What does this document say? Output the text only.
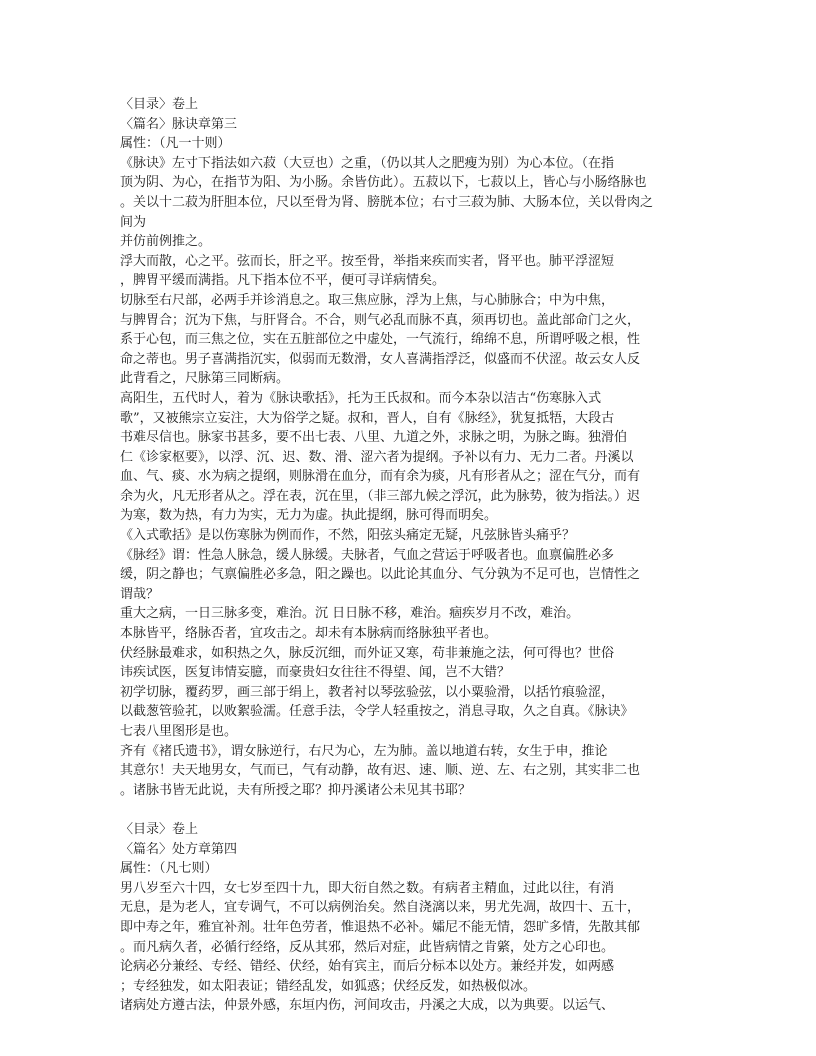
〈目录〉卷上
〈篇名〉脉诀章第三
属性：（凡一十则）
《脉诀》左寸下指法如六菽（大豆也）之重，（仍以其人之肥瘦为别）为心本位。（在指
顶为阴、为心，在指节为阳、为小肠。余皆仿此）。五菽以下，七菽以上，皆心与小肠络脉也
。关以十二菽为肝胆本位，尺以至骨为肾、膀胱本位；右寸三菽为肺、大肠本位，关以骨肉之
间为
并仿前例推之。
浮大而散，心之平。弦而长，肝之平。按至骨，举指来疾而实者，肾平也。肺平浮涩短
，脾胃平缓而满指。凡下指本位不平，便可寻详病情矣。
切脉至右尺部，必两手并诊消息之。取三焦应脉，浮为上焦，与心肺脉合；中为中焦，
与脾胃合；沉为下焦，与肝肾合。不合，则气必乱而脉不真，须再切也。盖此部命门之火，
系于心包，而三焦之位，实在五脏部位之中虚处，一气流行，绵绵不息，所谓呼吸之根，性
命之蒂也。男子喜满指沉实，似弱而无数滑，女人喜满指浮泛，似盛而不伏涩。故云女人反
此背看之，尺脉第三同断病。
高阳生，五代时人，着为《脉诀歌括》，托为王氏叔和。而今本杂以洁古“伤寒脉入式
歌”，又被熊宗立妄注，大为俗学之疑。叔和，晋人，自有《脉经》，犹复抵牾，大段古
书难尽信也。脉家书甚多，要不出七表、八里、九道之外，求脉之明，为脉之晦。独滑伯
仁《诊家枢要》，以浮、沉、迟、数、滑、涩六者为提纲。予补以有力、无力二者。丹溪以
血、气、痰、水为病之提纲，则脉滑在血分，而有余为痰，凡有形者从之；涩在气分，而有
余为火，凡无形者从之。浮在表，沉在里，（非三部九候之浮沉，此为脉势，彼为指法。）迟
为寒，数为热，有力为实，无力为虚。执此提纲，脉可得而明矣。
《入式歌括》是以伤寒脉为例而作，不然，阳弦头痛定无疑，凡弦脉皆头痛乎？
《脉经》谓：性急人脉急，缓人脉缓。夫脉者，气血之营运于呼吸者也。血禀偏胜必多
缓，阴之静也；气禀偏胜必多急，阳之躁也。以此论其血分、气分孰为不足可也，岂情性之
谓哉？
重大之病，一日三脉多变，难治。沉 日日脉不移，难治。痼疾岁月不改，难治。
本脉皆平，络脉否者，宜攻击之。却未有本脉病而络脉独平者也。
伏经脉最难求，如积热之久，脉反沉细，而外证又寒，苟非兼施之法，何可得也？世俗
讳疾试医，医复讳情妄臆，而豪贵妇女往往不得望、闻，岂不大错？
初学切脉，覆药罗，画三部于绢上，教者衬以琴弦验弦，以小粟验滑，以括竹痕验涩，
以截葱管验芤，以败絮验濡。任意手法，令学人轻重按之，消息寻取，久之自真。《脉诀》
七表八里图形是也。
齐有《褚氏遗书》，谓女脉逆行，右尺为心，左为肺。盖以地道右转，女生于申，推论
其意尔！夫天地男女，气而已，气有动静，故有迟、速、顺、逆、左、右之别，其实非二也
。诸脉书皆无此说，夫有所授之耶？抑丹溪诸公未见其书耶？
〈目录〉卷上
〈篇名〉处方章第四
属性：（凡七则）
男八岁至六十四，女七岁至四十九，即大衍自然之数。有病者主精血，过此以往，有消
无息，是为老人，宜专调气，不可以病例治矣。然自浇漓以来，男尤先凋，故四十、五十，
即中寿之年，雅宜补剂。壮年色劳者，惟退热不必补。孀尼不能无情，怨旷多情，先散其郁
。而凡病久者，必循行经络，反从其邪，然后对症，此皆病情之肯綮，处方之心印也。
论病必分兼经、专经、错经、伏经，始有宾主，而后分标本以处方。兼经并发，如两感
；专经独发，如太阳表证；错经乱发，如狐惑；伏经反发，如热极似冰。
诸病处方遵古法，仲景外感，东垣内伤，河间攻击，丹溪之大成，以为典要。以运气、
